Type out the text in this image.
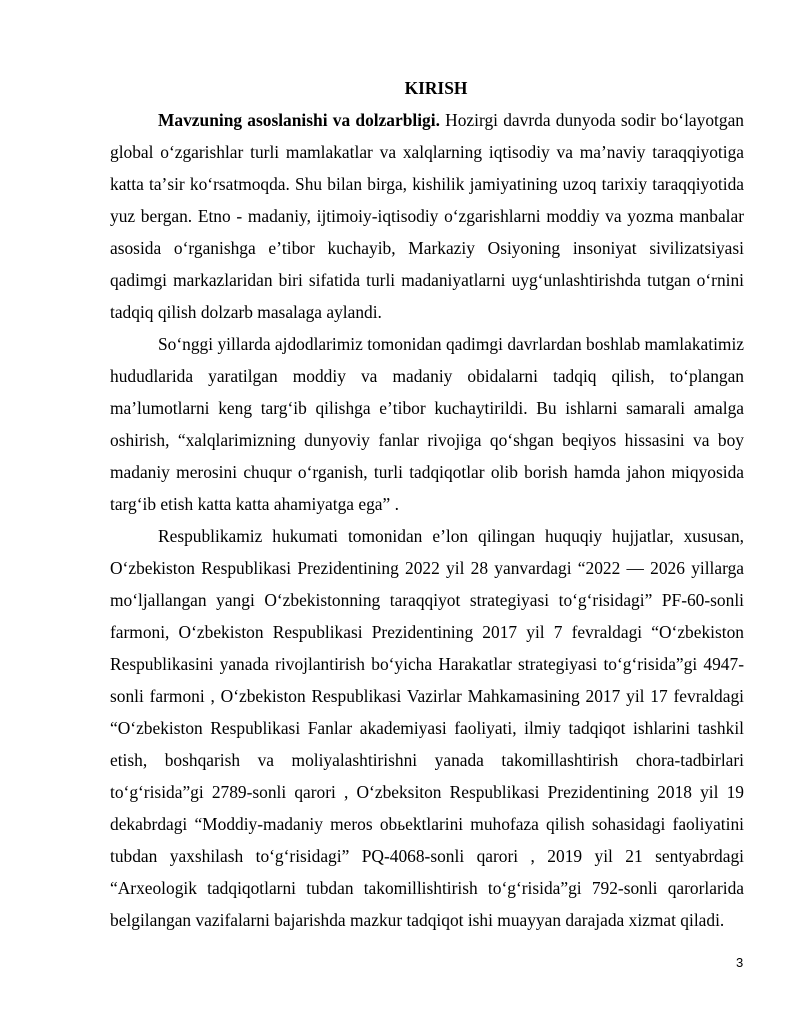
KIRISH

Mavzuning asoslanishi va dolzarbligi. Hozirgi davrda dunyoda sodir boʻlayotgan global oʻzgarishlar turli mamlakatlar va xalqlarning iqtisodiy va maʼnaviy taraqqiyotiga katta taʼsir koʻrsatmoqda. Shu bilan birga, kishilik jamiyatining uzoq tarixiy taraqqiyotida yuz bergan. Etno - madaniy, ijtimoiy-iqtisodiy oʻzgarishlarni moddiy va yozma manbalar asosida oʻrganishga eʼtibor kuchayib, Markaziy Osiyoning insoniyat sivilizatsiyasi qadimgi markazlaridan biri sifatida turli madaniyatlarni uygʻunlashtirishda tutgan oʻrnini tadqiq qilish dolzarb masalaga aylandi.

Soʻnggi yillarda ajdodlarimiz tomonidan qadimgi davrlardan boshlab mamlakatimiz hududlarida yaratilgan moddiy va madaniy obidalarni tadqiq qilish, toʻplangan maʼlumotlarni keng targʻib qilishga eʼtibor kuchaytirildi. Bu ishlarni samarali amalga oshirish, “xalqlarimizning dunyoviy fanlar rivojiga qoʻshgan beqiyos hissasini va boy madaniy merosini chuqur oʻrganish, turli tadqiqotlar olib borish hamda jahon miqyosida targʻib etish katta katta ahamiyatga ega” .

Respublikamiz hukumati tomonidan eʼlon qilingan huquqiy hujjatlar, xususan, Oʻzbekiston Respublikasi Prezidentining 2022 yil 28 yanvardagi “2022 — 2026 yillarga moʻljallangan yangi Oʻzbekistonning taraqqiyot strategiyasi toʻgʻrisidagi” PF-60-sonli farmoni, Oʻzbekiston Respublikasi Prezidentining 2017 yil 7 fevraldagi “Oʻzbekiston Respublikasini yanada rivojlantirish boʻyicha Harakatlar strategiyasi toʻgʻrisida”gi 4947-sonli farmoni , Oʻzbekiston Respublikasi Vazirlar Mahkamasining 2017 yil 17 fevraldagi “Oʻzbekiston Respublikasi Fanlar akademiyasi faoliyati, ilmiy tadqiqot ishlarini tashkil etish, boshqarish va moliyalashtirishni yanada takomillashtirish chora-tadbirlari toʻgʻrisida”gi 2789-sonli qarori , Oʻzbeksiton Respublikasi Prezidentining 2018 yil 19 dekabrdagi “Moddiy-madaniy meros obьektlarini muhofaza qilish sohasidagi faoliyatini tubdan yaxshilash toʻgʻrisidagi” PQ-4068-sonli qarori , 2019 yil 21 sentyabrdagi “Arxeologik tadqiqotlarni tubdan takomillishtirish toʻgʻrisida”gi 792-sonli qarorlarida belgilangan vazifalarni bajarishda mazkur tadqiqot ishi muayyan darajada xizmat qiladi.

3
